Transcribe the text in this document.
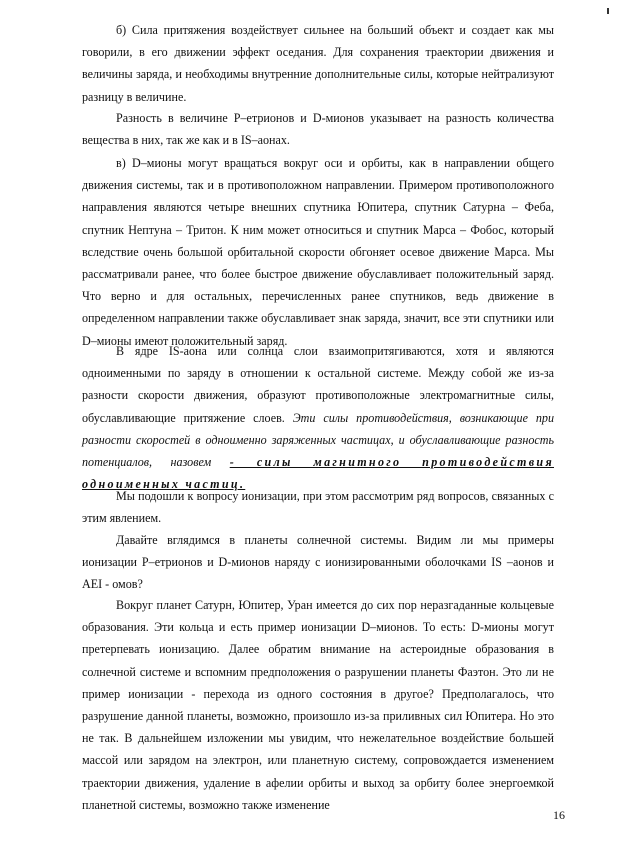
б) Сила притяжения воздействует сильнее на больший объект и создает как мы говорили, в его движении эффект оседания. Для сохранения траектории движения и величины заряда, и необходимы внутренние дополнительные силы, которые нейтрализуют разницу в величине.

Разность в величине P–етрионов и D-мионов указывает на разность количества вещества в них, так же как и в IS–аонах.

в) D–мионы могут вращаться вокруг оси и орбиты, как в направлении общего движения системы, так и в противоположном направлении. Примером противоположного направления являются четыре внешних спутника Юпитера, спутник Сатурна – Феба, спутник Нептуна – Тритон. К ним может относиться и спутник Марса – Фобос, который вследствие очень большой орбитальной скорости обгоняет осевое движение Марса. Мы рассматривали ранее, что более быстрое движение обуславливает положительный заряд. Что верно и для остальных, перечисленных ранее спутников, ведь движение в определенном направлении также обуславливает знак заряда, значит, все эти спутники или D–мионы имеют положительный заряд.

В ядре IS-аона или солнца слои взаимопритягиваются, хотя и являются одноименными по заряду в отношении к остальной системе. Между собой же из-за разности скорости движения, образуют противоположные электромагнитные силы, обуславливающие притяжение слоев. Эти силы противодействия, возникающие при разности скоростей в одноименно заряженных частицах, и обуславливающие разность потенциалов, назовем - силы магнитного противодействия одноименных частиц.

Мы подошли к вопросу ионизации, при этом рассмотрим ряд вопросов, связанных с этим явлением.

Давайте вглядимся в планеты солнечной системы. Видим ли мы примеры ионизации P–етрионов и D-мионов наряду с ионизированными оболочками IS –аонов и AEI - омов?

Вокруг планет Сатурн, Юпитер, Уран имеется до сих пор неразгаданные кольцевые образования. Эти кольца и есть пример ионизации D–мионов. То есть: D-мионы могут претерпевать ионизацию. Далее обратим внимание на астероидные образования в солнечной системе и вспомним предположения о разрушении планеты Фаэтон. Это ли не пример ионизации - перехода из одного состояния в другое? Предполагалось, что разрушение данной планеты, возможно, произошло из-за приливных сил Юпитера. Но это не так. В дальнейшем изложении мы увидим, что нежелательное воздействие большей массой или зарядом на электрон, или планетную систему, сопровождается изменением траектории движения, удаление в афелии орбиты и выход за орбиту более энергоемкой планетной системы, возможно также изменение

16
